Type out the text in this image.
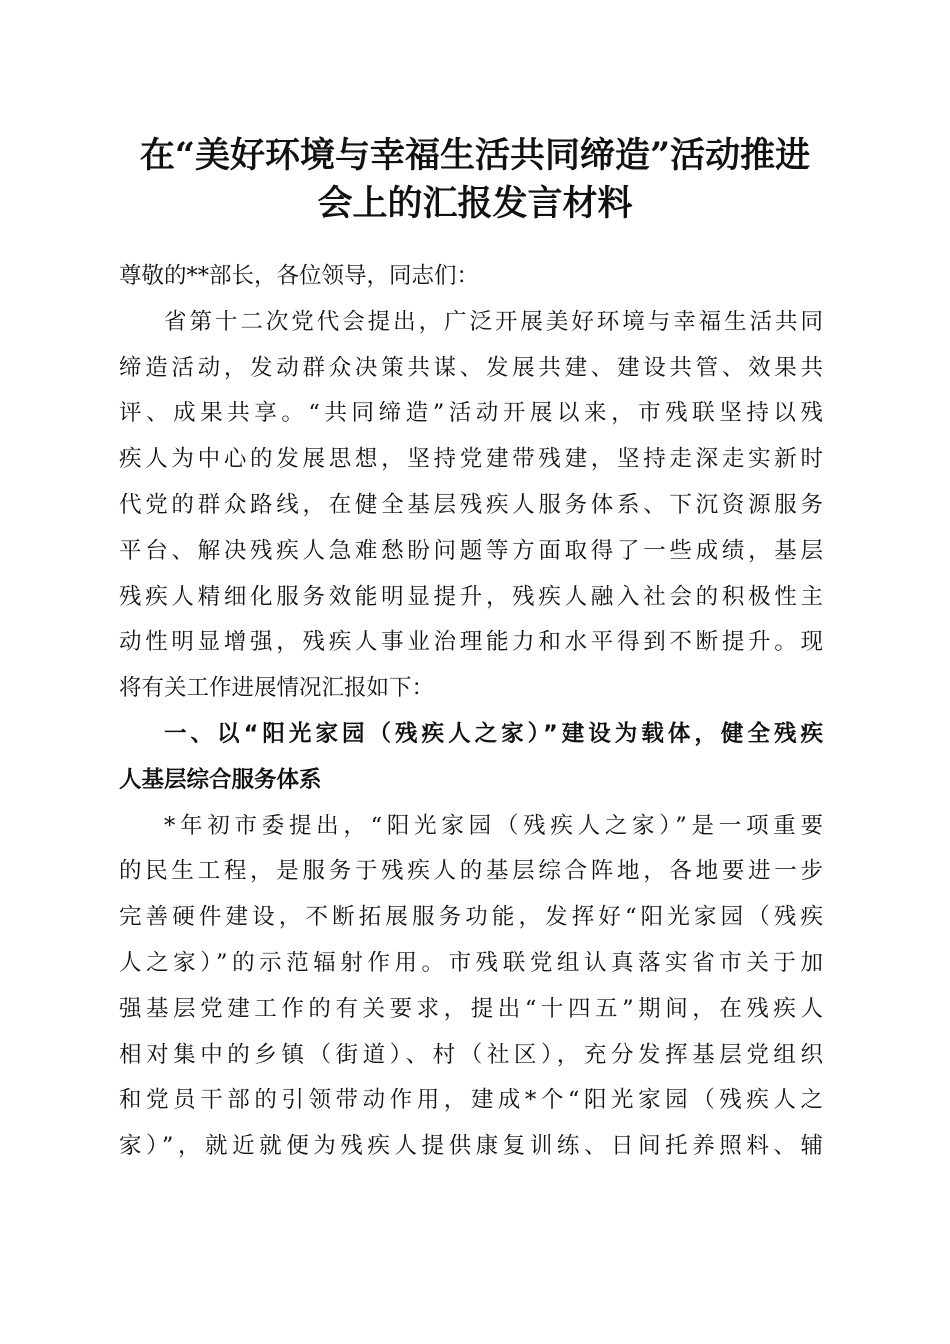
在“美好环境与幸福生活共同缔造”活动推进
会上的汇报发言材料
尊敬的**部长，各位领导，同志们：
省第十二次党代会提出，广泛开展美好环境与幸福生活共同
缔造活动，发动群众决策共谋、发展共建、建设共管、效果共
评、成果共享。“共同缔造”活动开展以来，市残联坚持以残
疾人为中心的发展思想，坚持党建带残建，坚持走深走实新时
代党的群众路线，在健全基层残疾人服务体系、下沉资源服务
平台、解决残疾人急难愁盼问题等方面取得了一些成绩，基层
残疾人精细化服务效能明显提升，残疾人融入社会的积极性主
动性明显增强，残疾人事业治理能力和水平得到不断提升。现
将有关工作进展情况汇报如下：
一、以“阳光家园（残疾人之家）”建设为载体，健全残疾
人基层综合服务体系
*年初市委提出，“阳光家园（残疾人之家）”是一项重要
的民生工程，是服务于残疾人的基层综合阵地，各地要进一步
完善硬件建设，不断拓展服务功能，发挥好“阳光家园（残疾
人之家）”的示范辐射作用。市残联党组认真落实省市关于加
强基层党建工作的有关要求，提出“十四五”期间，在残疾人
相对集中的乡镇（街道）、村（社区），充分发挥基层党组织
和党员干部的引领带动作用，建成*个“阳光家园（残疾人之
家）”，就近就便为残疾人提供康复训练、日间托养照料、辅
